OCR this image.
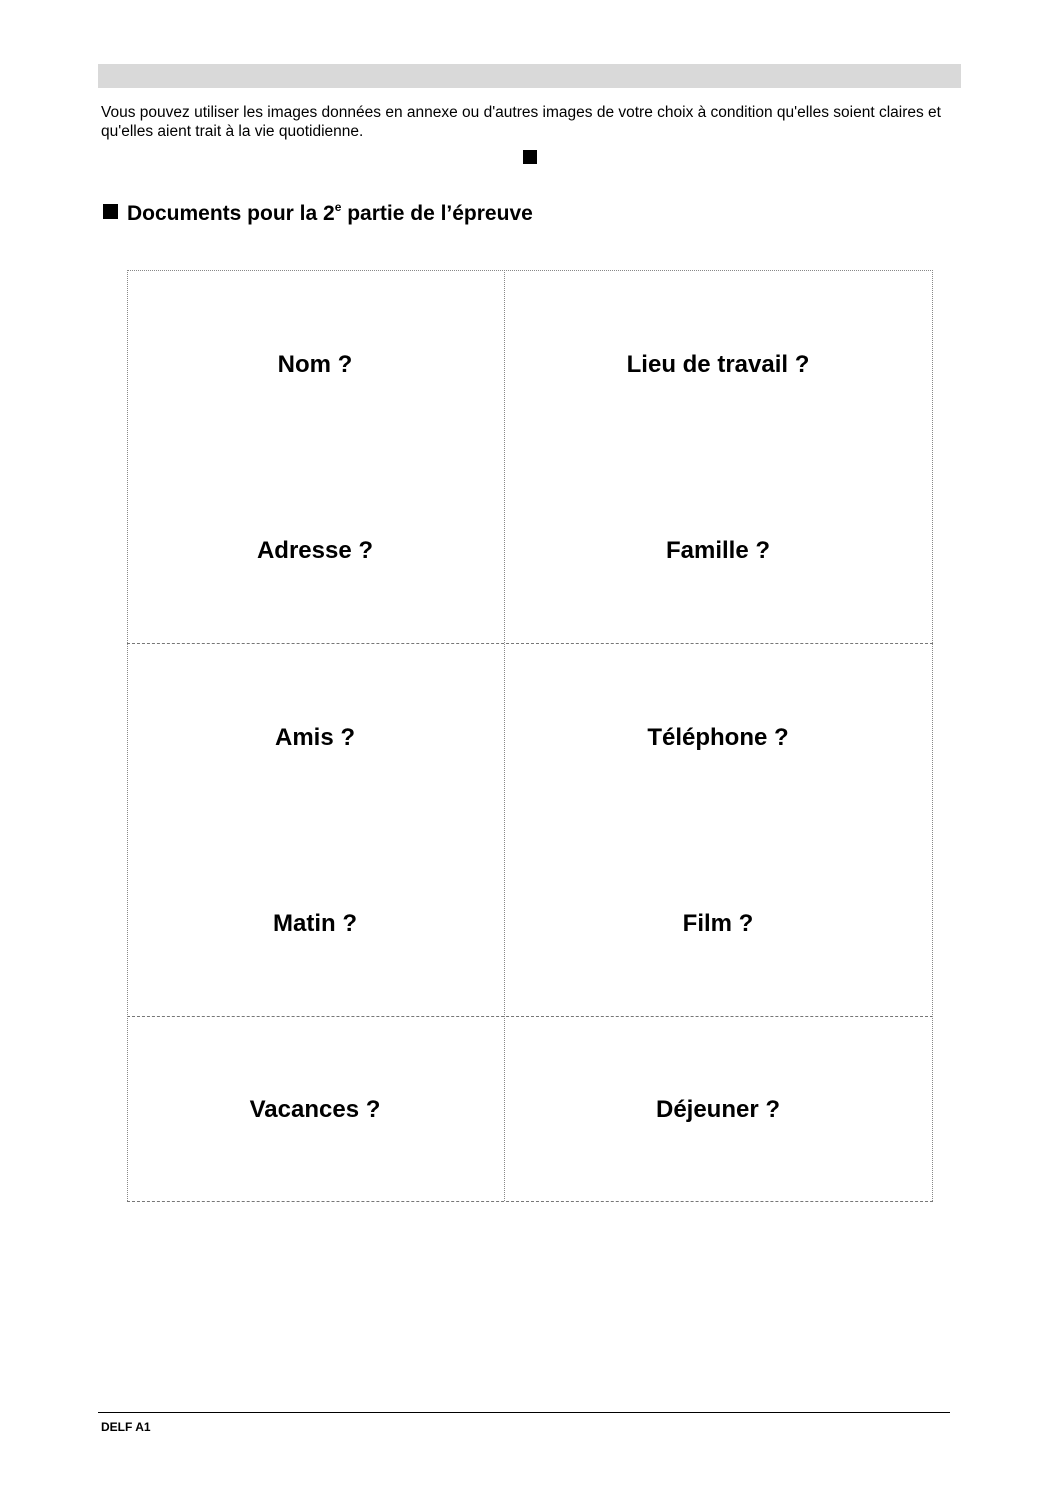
Vous pouvez utiliser les images données en annexe ou d'autres images de votre choix à condition qu'elles soient claires et qu'elles aient trait à la vie quotidienne.

Documents pour la 2e partie de l’épreuve
Nom ?	Lieu de travail ?
Adresse ?	Famille ?
Amis ?	Téléphone ?
Matin ?	Film ?
Vacances ?	Déjeuner ?

DELF A1
